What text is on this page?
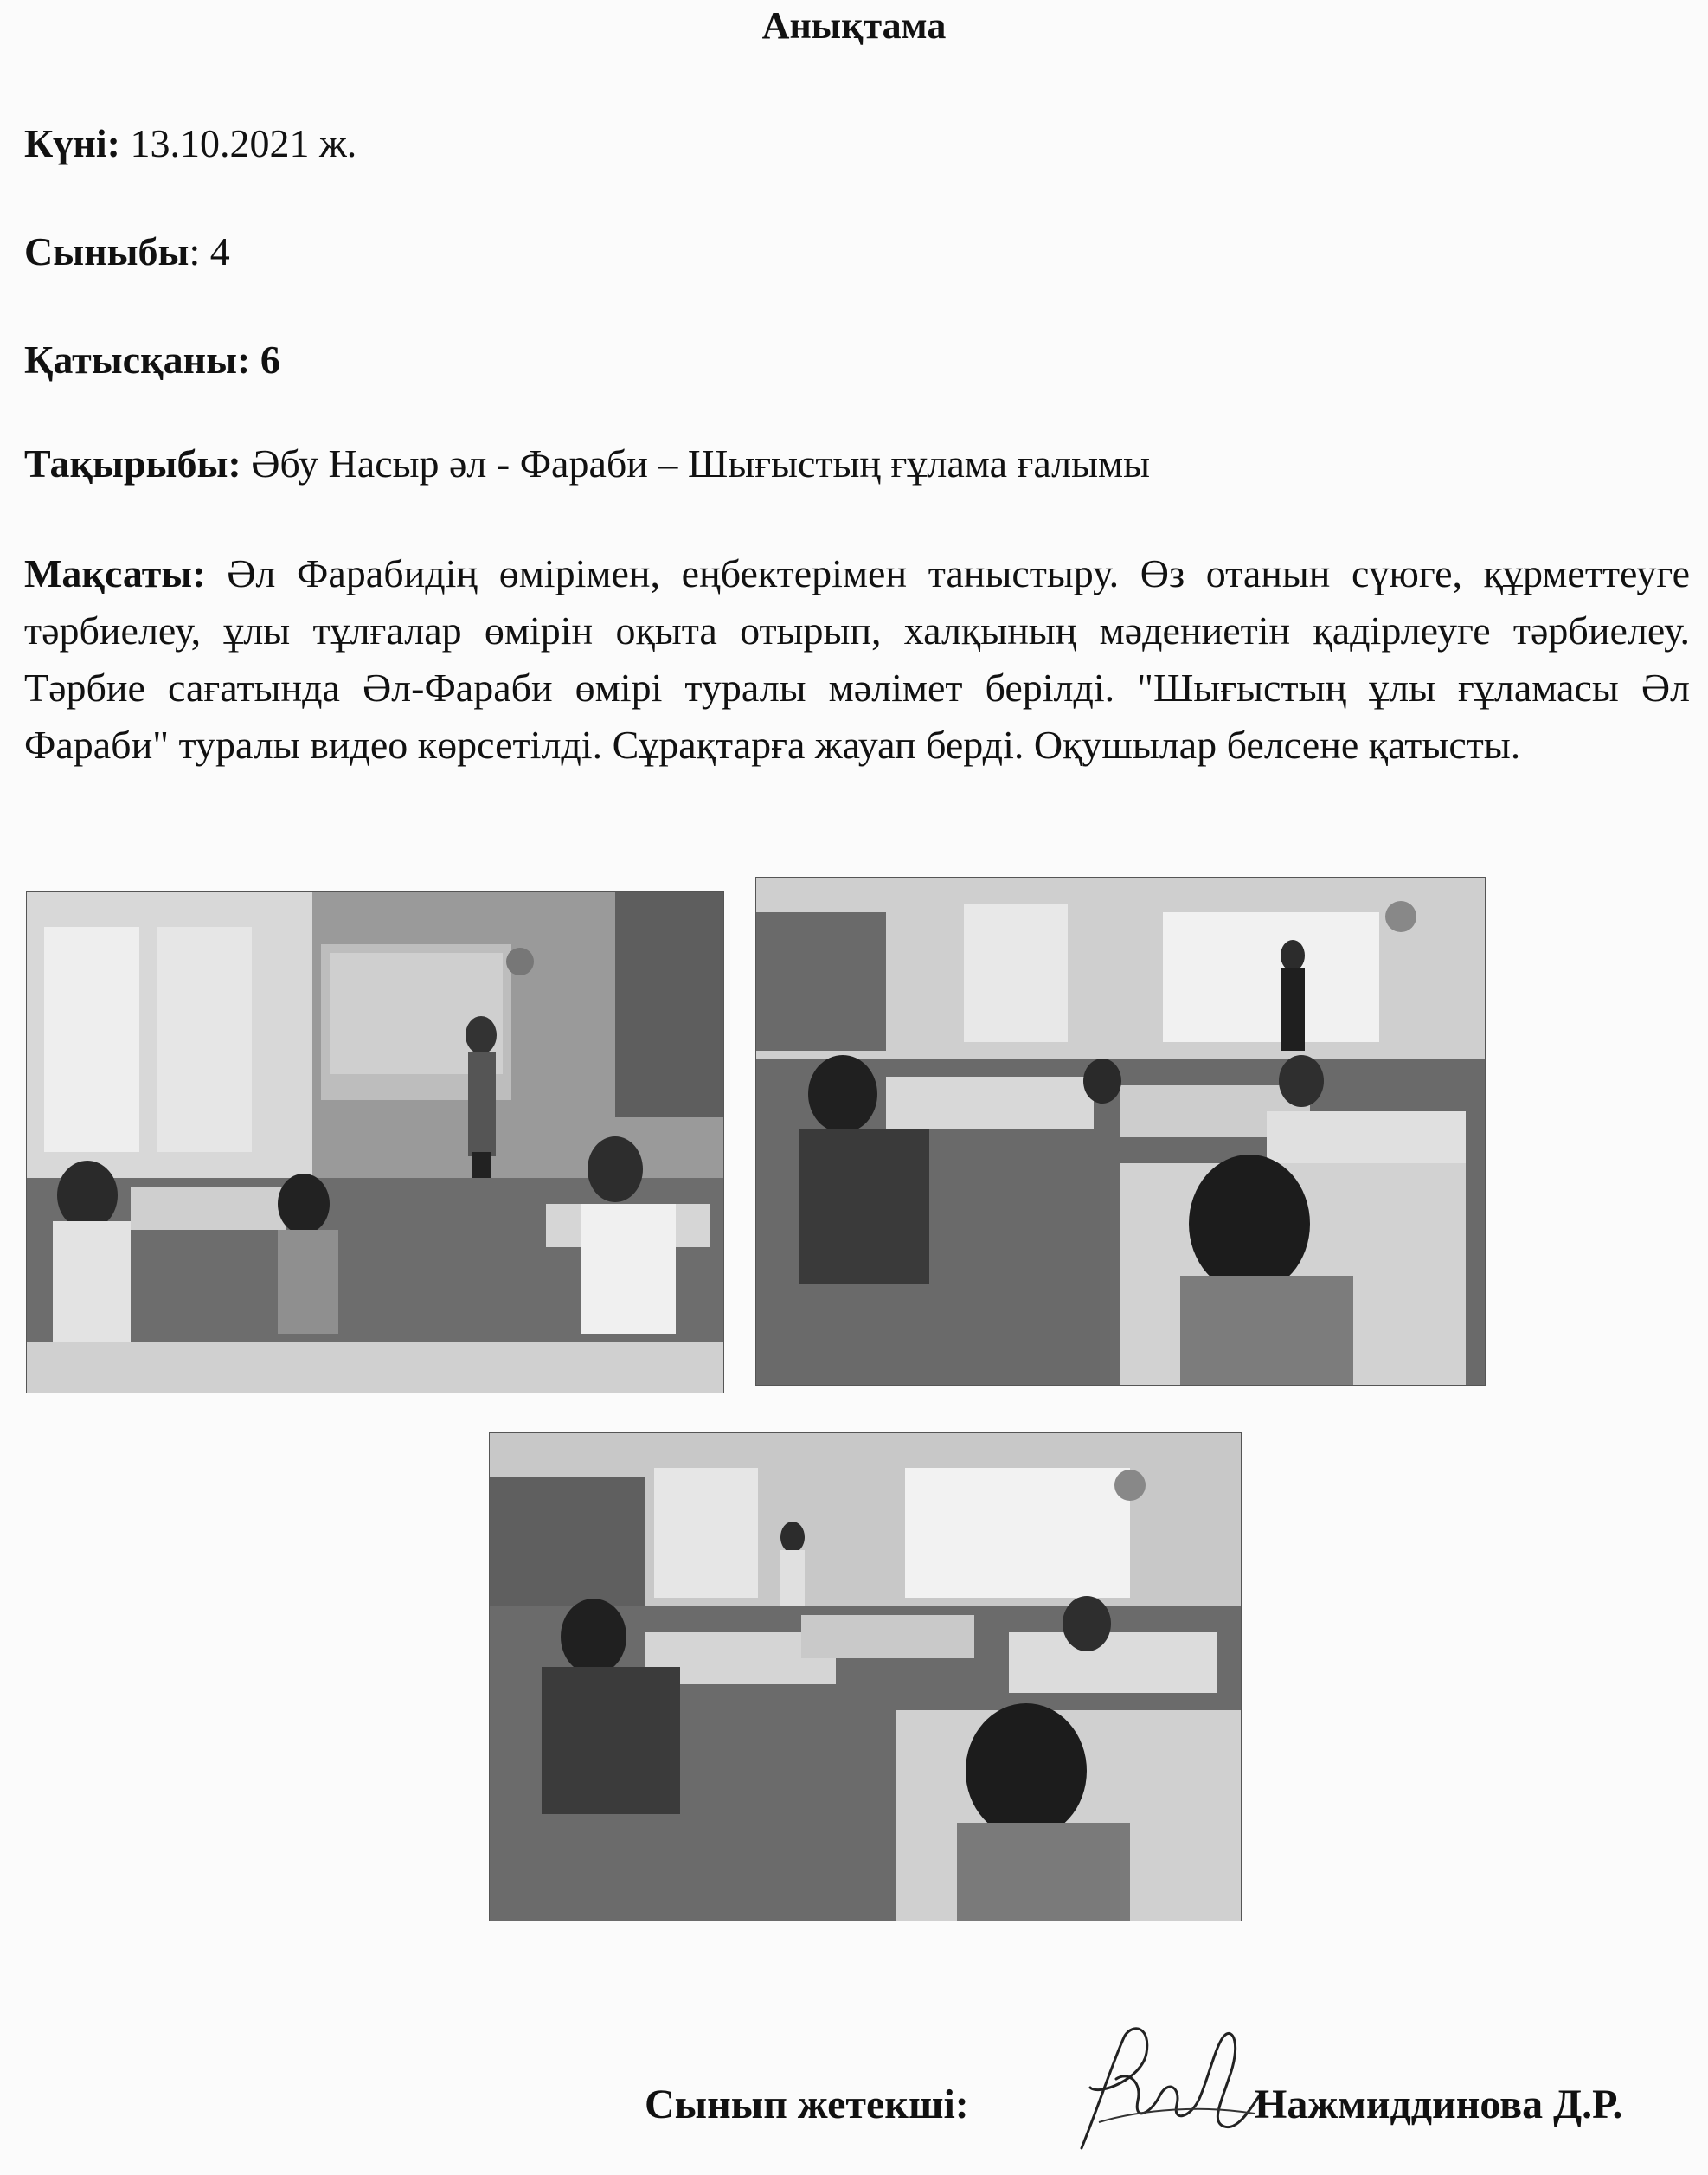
Анықтама
Күні: 13.10.2021 ж.
Сыныбы: 4
Қатысқаны: 6
Тақырыбы: Әбу Насыр әл - Фараби – Шығыстың ғұлама ғалымы
Мақсаты: Әл Фарабидің өмірімен, еңбектерімен таныстыру. Өз отанын сүюге, құрметтеуге тәрбиелеу, ұлы тұлғалар өмірін оқыта отырып, халқының мәдениетін қадірлеуге тәрбиелеу. Тәрбие сағатында Әл-Фараби өмірі туралы мәлімет берілді. "Шығыстың ұлы ғұламасы Әл Фараби" туралы видео көрсетілді. Сұрақтарға жауап берді. Оқушылар белсене қатысты.
Сынып жетекші:	Нажмиддинова Д.Р.
